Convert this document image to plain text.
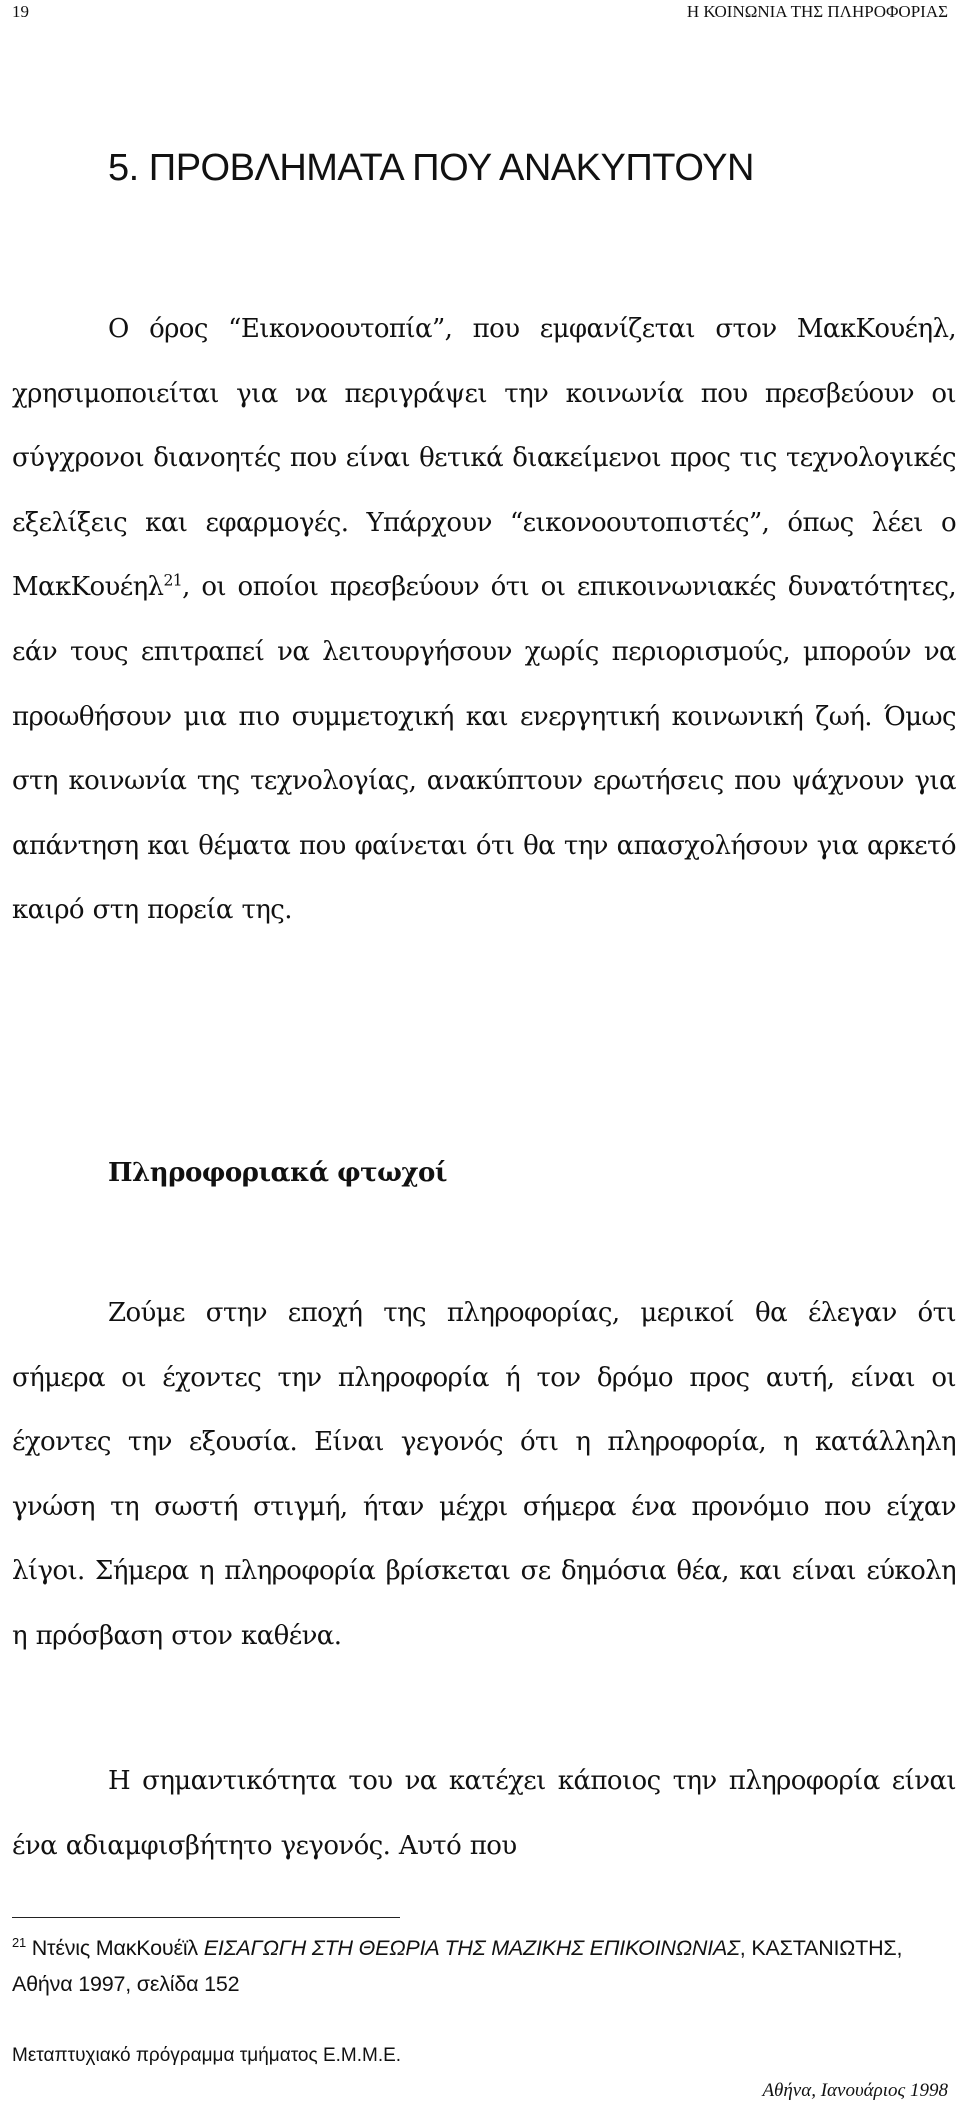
19	Η ΚΟΙΝΩΝΙΑ ΤΗΣ ΠΛΗΡΟΦΟΡΙΑΣ
5. ΠΡΟΒΛΗΜΑΤΑ ΠΟΥ ΑΝΑΚΥΠΤΟΥΝ

Ο όρος “Εικονοουτοπία”, που εμφανίζεται στον ΜακΚουέηλ, χρησιμοποιείται για να περιγράψει την κοινωνία που πρεσβεύουν οι σύγχρονοι διανοητές που είναι θετικά διακείμενοι προς τις τεχνολογικές εξελίξεις και εφαρμογές. Υπάρχουν “εικονοουτοπιστές”, όπως λέει ο ΜακΚουέηλ$^{21}$, οι οποίοι πρεσβεύουν ότι οι επικοινωνιακές δυνατότητες, εάν τους επιτραπεί να λειτουργήσουν χωρίς περιορισμούς, μπορούν να προωθήσουν μια πιο συμμετοχική και ενεργητική κοινωνική ζωή. Όμως στη κοινωνία της τεχνολογίας, ανακύπτουν ερωτήσεις που ψάχνουν για απάντηση και θέματα που φαίνεται ότι θα την απασχολήσουν για αρκετό καιρό στη πορεία της.

Πληροφοριακά φτωχοί

Ζούμε στην εποχή της πληροφορίας, μερικοί θα έλεγαν ότι σήμερα οι έχοντες την πληροφορία ή τον δρόμο προς αυτή, είναι οι έχοντες την εξουσία. Είναι γεγονός ότι η πληροφορία, η κατάλληλη γνώση τη σωστή στιγμή, ήταν μέχρι σήμερα ένα προνόμιο που είχαν λίγοι. Σήμερα η πληροφορία βρίσκεται σε δημόσια θέα, και είναι εύκολη η πρόσβαση στον καθένα.

Η σημαντικότητα του να κατέχει κάποιος την πληροφορία είναι ένα αδιαμφισβήτητο γεγονός. Αυτό που

$^{21}$ Ντένις ΜακΚουέϊλ ΕΙΣΑΓΩΓΗ ΣΤΗ ΘΕΩΡΙΑ ΤΗΣ ΜΑΖΙΚΗΣ ΕΠΙΚΟΙΝΩΝΙΑΣ, ΚΑΣΤΑΝΙΩΤΗΣ, Αθήνα 1997, σελίδα 152
Μεταπτυχιακό πρόγραμμα τμήματος Ε.Μ.Μ.Ε.
Αθήνα, Ιανουάριος 1998
